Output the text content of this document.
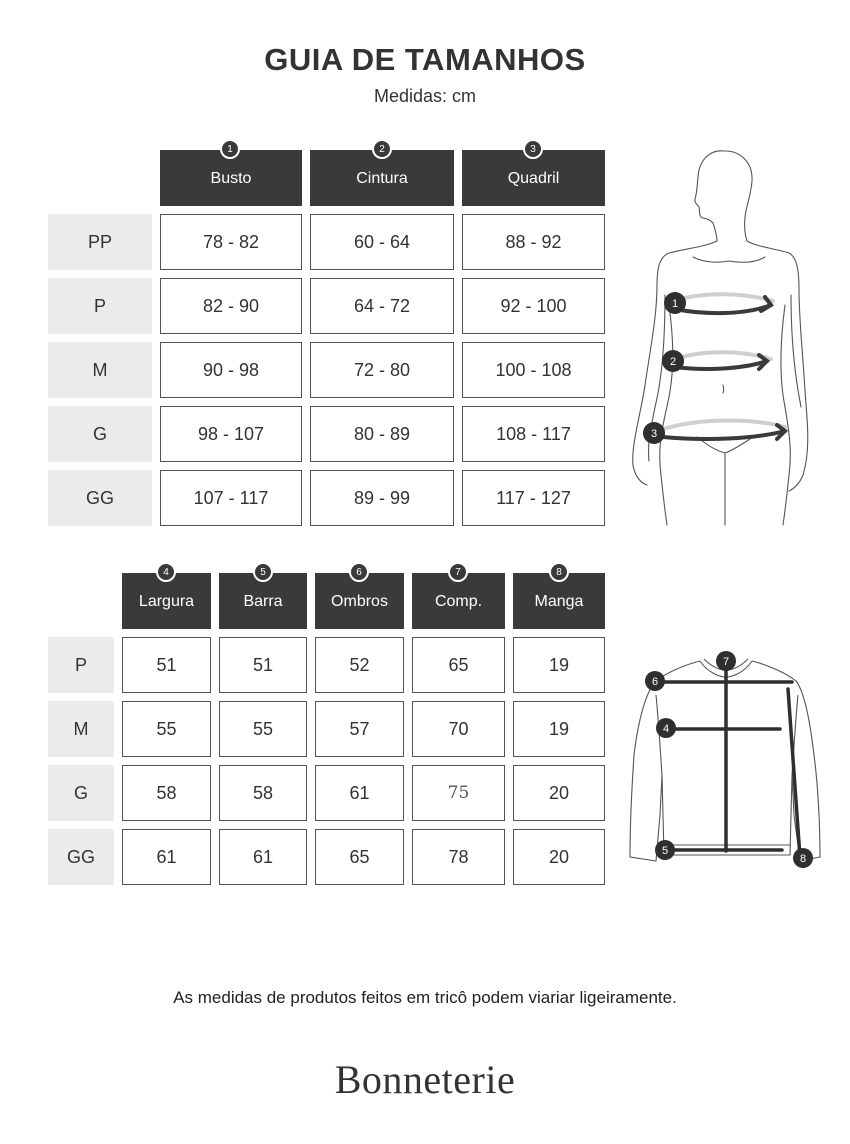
GUIA DE TAMANHOS
Medidas: cm
Busto	Cintura	Quadril
1	2	3
PP	78 - 82	60 - 64	88 - 92
P	82 - 90	64 - 72	92 - 100
M	90 - 98	72 - 80	100 - 108
G	98 - 107	80 - 89	108 - 117
GG	107 - 117	89 - 99	117 - 127
1
2
3
Largura	Barra	Ombros	Comp.	Manga
4	5	6	7	8
P	51	51	52	65	19
M	55	55	57	70	19
G	58	58	61	75	20
GG	61	61	65	78	20
6
7
4
5
8
As medidas de produtos feitos em tricô podem viariar ligeiramente.
Bonneterie
